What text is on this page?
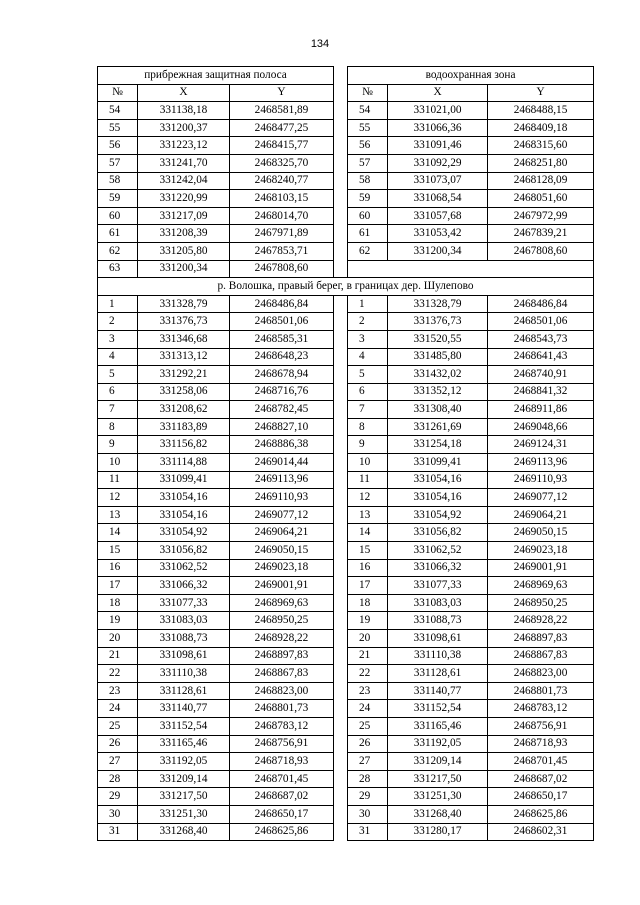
134
прибрежная защитная полоса				водоохранная зона		
№	X	Y		№	X	Y
54	331138,18	2468581,89		54	331021,00	2468488,15
55	331200,37	2468477,25		55	331066,36	2468409,18
56	331223,12	2468415,77		56	331091,46	2468315,60
57	331241,70	2468325,70		57	331092,29	2468251,80
58	331242,04	2468240,77		58	331073,07	2468128,09
59	331220,99	2468103,15		59	331068,54	2468051,60
60	331217,09	2468014,70		60	331057,68	2467972,99
61	331208,39	2467971,89		61	331053,42	2467839,21
62	331205,80	2467853,71		62	331200,34	2467808,60
63	331200,34	2467808,60				
р. Волошка, правый берег, в границах дер. Шулепово						
1	331328,79	2468486,84		1	331328,79	2468486,84
2	331376,73	2468501,06		2	331376,73	2468501,06
3	331346,68	2468585,31		3	331520,55	2468543,73
4	331313,12	2468648,23		4	331485,80	2468641,43
5	331292,21	2468678,94		5	331432,02	2468740,91
6	331258,06	2468716,76		6	331352,12	2468841,32
7	331208,62	2468782,45		7	331308,40	2468911,86
8	331183,89	2468827,10		8	331261,69	2469048,66
9	331156,82	2468886,38		9	331254,18	2469124,31
10	331114,88	2469014,44		10	331099,41	2469113,96
11	331099,41	2469113,96		11	331054,16	2469110,93
12	331054,16	2469110,93		12	331054,16	2469077,12
13	331054,16	2469077,12		13	331054,92	2469064,21
14	331054,92	2469064,21		14	331056,82	2469050,15
15	331056,82	2469050,15		15	331062,52	2469023,18
16	331062,52	2469023,18		16	331066,32	2469001,91
17	331066,32	2469001,91		17	331077,33	2468969,63
18	331077,33	2468969,63		18	331083,03	2468950,25
19	331083,03	2468950,25		19	331088,73	2468928,22
20	331088,73	2468928,22		20	331098,61	2468897,83
21	331098,61	2468897,83		21	331110,38	2468867,83
22	331110,38	2468867,83		22	331128,61	2468823,00
23	331128,61	2468823,00		23	331140,77	2468801,73
24	331140,77	2468801,73		24	331152,54	2468783,12
25	331152,54	2468783,12		25	331165,46	2468756,91
26	331165,46	2468756,91		26	331192,05	2468718,93
27	331192,05	2468718,93		27	331209,14	2468701,45
28	331209,14	2468701,45		28	331217,50	2468687,02
29	331217,50	2468687,02		29	331251,30	2468650,17
30	331251,30	2468650,17		30	331268,40	2468625,86
31	331268,40	2468625,86		31	331280,17	2468602,31
